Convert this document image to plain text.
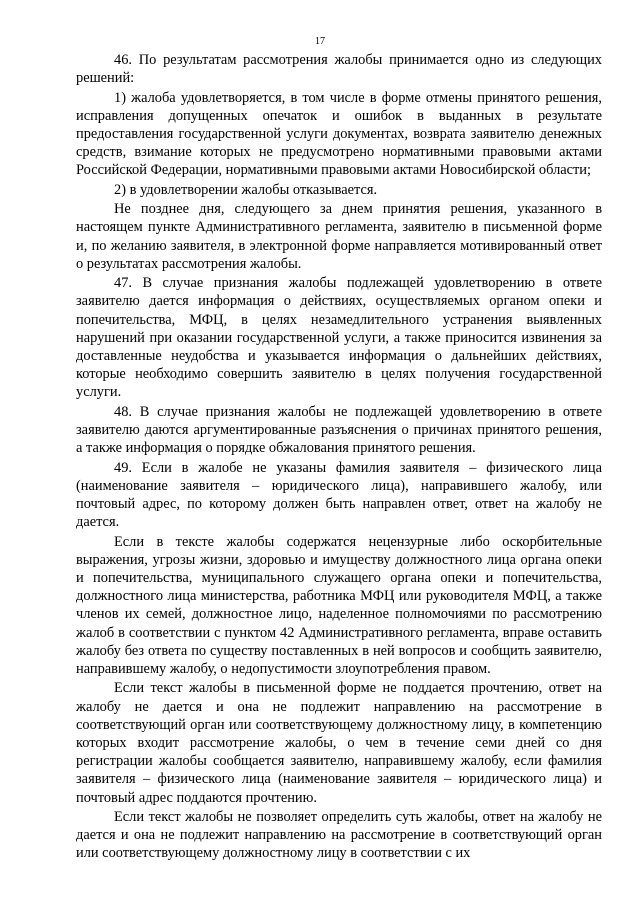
17

46. По результатам рассмотрения жалобы принимается одно из следующих решений:

1) жалоба удовлетворяется, в том числе в форме отмены принятого решения, исправления допущенных опечаток и ошибок в выданных в результате предоставления государственной услуги документах, возврата заявителю денежных средств, взимание которых не предусмотрено нормативными правовыми актами Российской Федерации, нормативными правовыми актами Новосибирской области;

2) в удовлетворении жалобы отказывается.

Не позднее дня, следующего за днем принятия решения, указанного в настоящем пункте Административного регламента, заявителю в письменной форме и, по желанию заявителя, в электронной форме направляется мотивированный ответ о результатах рассмотрения жалобы.

47. В случае признания жалобы подлежащей удовлетворению в ответе заявителю дается информация о действиях, осуществляемых органом опеки и попечительства, МФЦ, в целях незамедлительного устранения выявленных нарушений при оказании государственной услуги, а также приносится извинения за доставленные неудобства и указывается информация о дальнейших действиях, которые необходимо совершить заявителю в целях получения государственной услуги.

48. В случае признания жалобы не подлежащей удовлетворению в ответе заявителю даются аргументированные разъяснения о причинах принятого решения, а также информация о порядке обжалования принятого решения.

49. Если в жалобе не указаны фамилия заявителя – физического лица (наименование заявителя – юридического лица), направившего жалобу, или почтовый адрес, по которому должен быть направлен ответ, ответ на жалобу не дается.

Если в тексте жалобы содержатся нецензурные либо оскорбительные выражения, угрозы жизни, здоровью и имуществу должностного лица органа опеки и попечительства, муниципального служащего органа опеки и попечительства, должностного лица министерства, работника МФЦ или руководителя МФЦ, а также членов их семей, должностное лицо, наделенное полномочиями по рассмотрению жалоб в соответствии с пунктом 42 Административного регламента, вправе оставить жалобу без ответа по существу поставленных в ней вопросов и сообщить заявителю, направившему жалобу, о недопустимости злоупотребления правом.

Если текст жалобы в письменной форме не поддается прочтению, ответ на жалобу не дается и она не подлежит направлению на рассмотрение в соответствующий орган или соответствующему должностному лицу, в компетенцию которых входит рассмотрение жалобы, о чем в течение семи дней со дня регистрации жалобы сообщается заявителю, направившему жалобу, если фамилия заявителя – физического лица (наименование заявителя – юридического лица) и почтовый адрес поддаются прочтению.

Если текст жалобы не позволяет определить суть жалобы, ответ на жалобу не дается и она не подлежит направлению на рассмотрение в соответствующий орган или соответствующему должностному лицу в соответствии с их
